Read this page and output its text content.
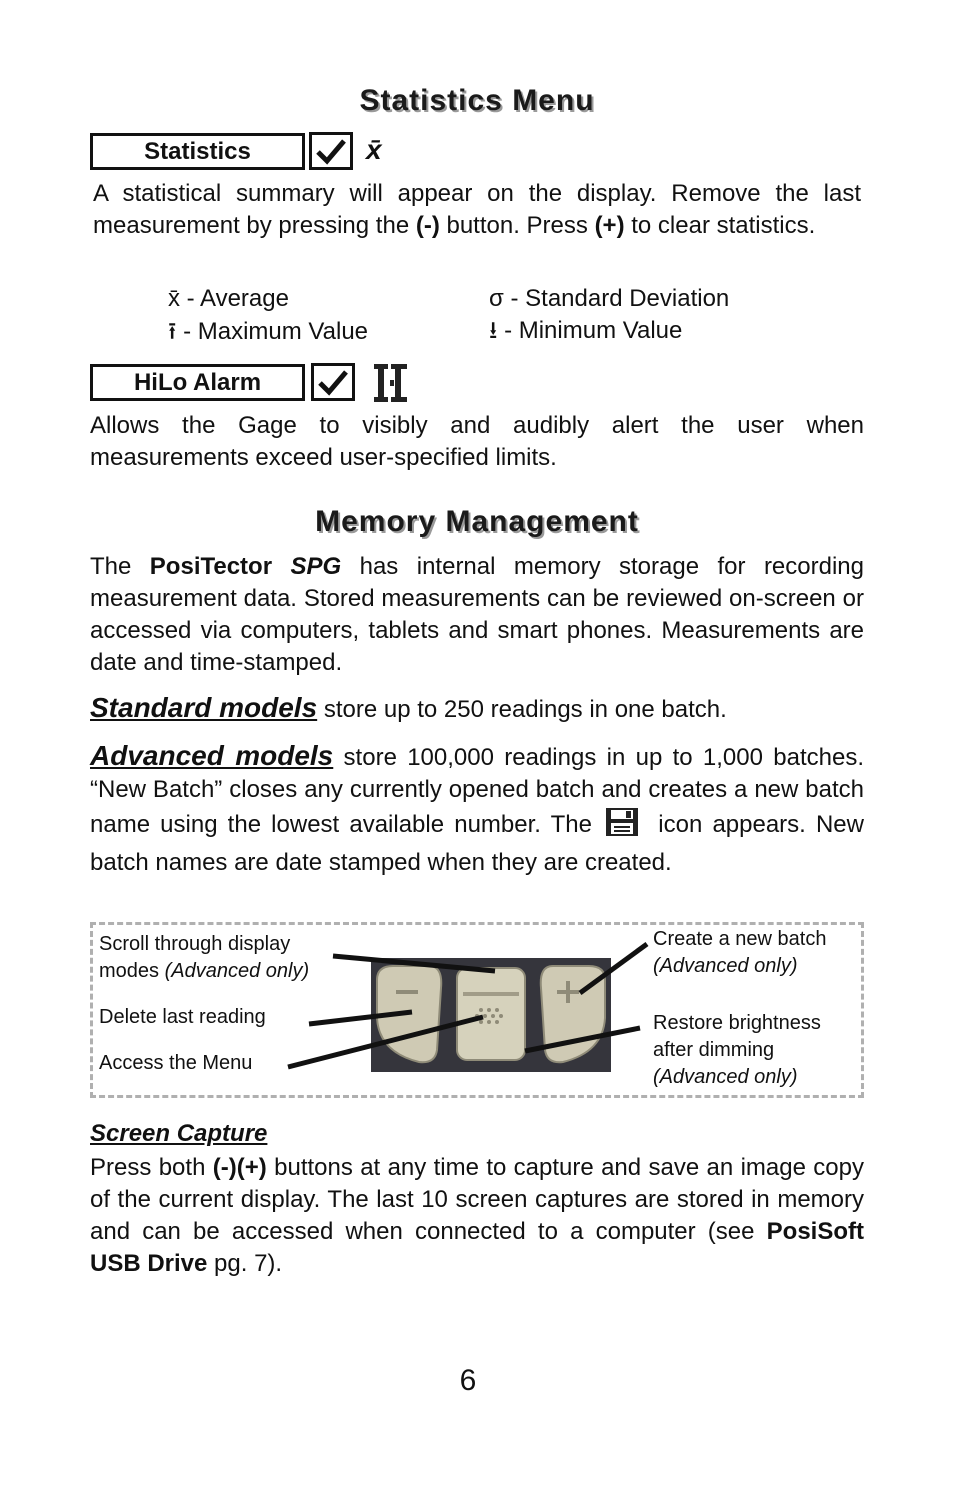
Statistics Menu
Statistics	x̄
A statistical summary will appear on the display. Remove the last measurement by pressing the (-) button. Press (+) to clear statistics.
x̄ - Average	σ - Standard Deviation
⭱ - Maximum Value	⭳ - Minimum Value
HiLo Alarm
Allows the Gage to visibly and audibly alert the user when measurements exceed user-specified limits.
Memory Management
The PosiTector SPG has internal memory storage for recording measurement data. Stored measurements can be reviewed on-screen or accessed via computers, tablets and smart phones. Measurements are date and time-stamped.
Standard models store up to 250 readings in one batch.
Advanced models store 100,000 readings in up to 1,000 batches. “New Batch” closes any currently opened batch and creates a new batch name using the lowest available number. The  icon appears. New batch names are date stamped when they are created.
Scroll through display
modes (Advanced only)
Delete last reading
Access the Menu
Create a new batch
(Advanced only)
Restore brightness
after dimming
(Advanced only)
Screen Capture
Press both (-)(+) buttons at any time to capture and save an image copy of the current display. The last 10 screen captures are stored in memory and can be accessed when connected to a computer (see PosiSoft USB Drive pg. 7).
6
